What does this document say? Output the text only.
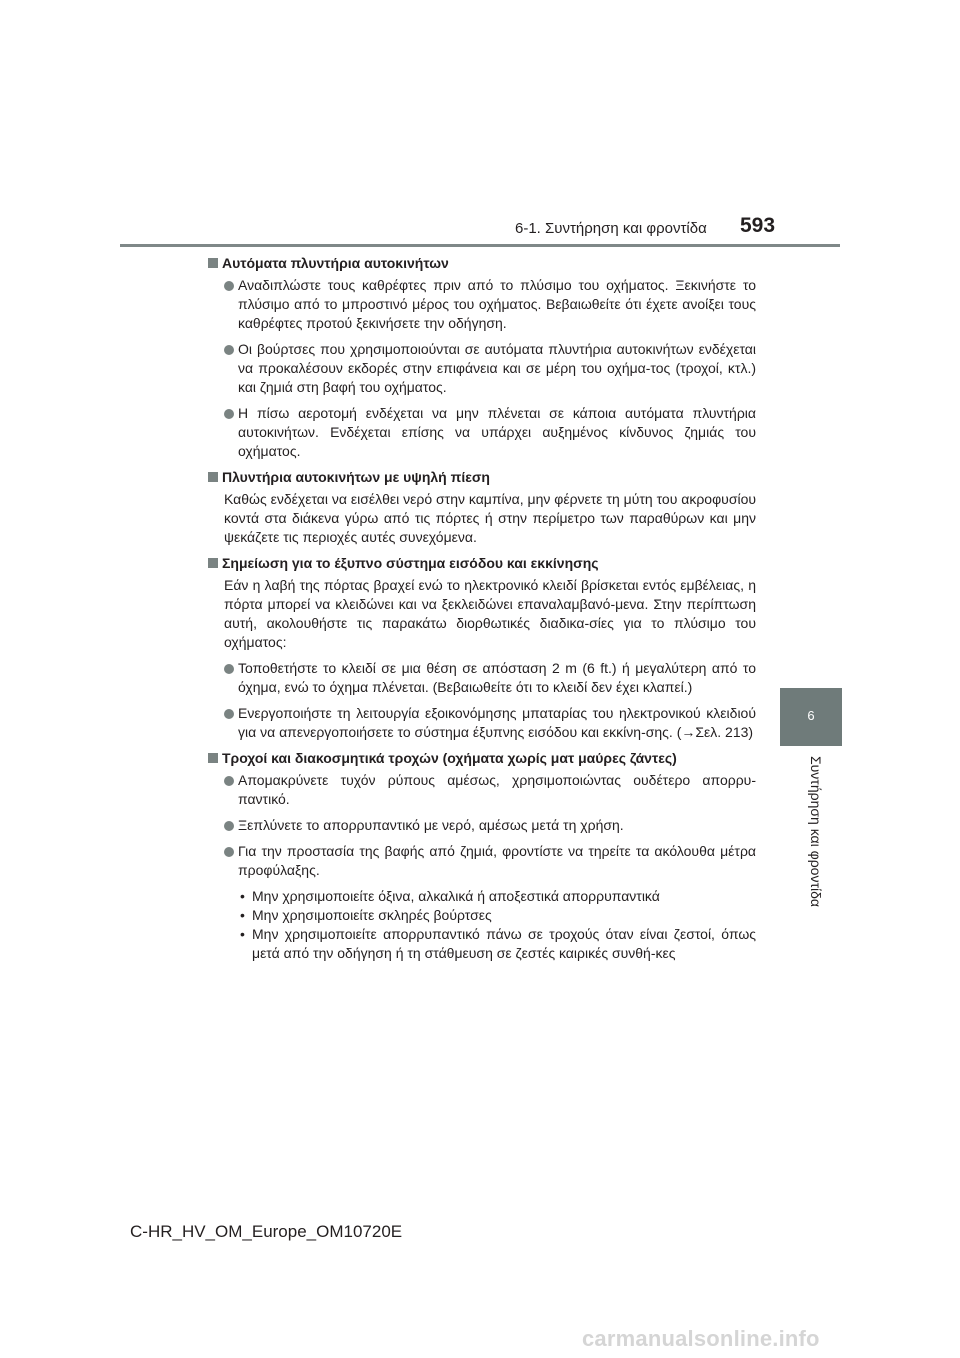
6-1. Συντήρηση και φροντίδα 593
6
Συντήρηση και φροντίδα
Αυτόματα πλυντήρια αυτοκινήτων
Αναδιπλώστε τους καθρέφτες πριν από το πλύσιμο του οχήματος. Ξεκινήστε το πλύσιμο από το μπροστινό μέρος του οχήματος. Βεβαιωθείτε ότι έχετε ανοίξει τους καθρέφτες προτού ξεκινήσετε την οδήγηση.
Οι βούρτσες που χρησιμοποιούνται σε αυτόματα πλυντήρια αυτοκινήτων ενδέχεται να προκαλέσουν εκδορές στην επιφάνεια και σε μέρη του οχήμα-τος (τροχοί, κτλ.) και ζημιά στη βαφή του οχήματος.
Η πίσω αεροτομή ενδέχεται να μην πλένεται σε κάποια αυτόματα πλυντήρια αυτοκινήτων. Ενδέχεται επίσης να υπάρχει αυξημένος κίνδυνος ζημιάς του οχήματος.
Πλυντήρια αυτοκινήτων με υψηλή πίεση
Καθώς ενδέχεται να εισέλθει νερό στην καμπίνα, μην φέρνετε τη μύτη του ακροφυσίου κοντά στα διάκενα γύρω από τις πόρτες ή στην περίμετρο των παραθύρων και μην ψεκάζετε τις περιοχές αυτές συνεχόμενα.
Σημείωση για το έξυπνο σύστημα εισόδου και εκκίνησης
Εάν η λαβή της πόρτας βραχεί ενώ το ηλεκτρονικό κλειδί βρίσκεται εντός εμβέλειας, η πόρτα μπορεί να κλειδώνει και να ξεκλειδώνει επαναλαμβανό-μενα. Στην περίπτωση αυτή, ακολουθήστε τις παρακάτω διορθωτικές διαδικα-σίες για το πλύσιμο του οχήματος:
Τοποθετήστε το κλειδί σε μια θέση σε απόσταση 2 m (6 ft.) ή μεγαλύτερη από το όχημα, ενώ το όχημα πλένεται. (Βεβαιωθείτε ότι το κλειδί δεν έχει κλαπεί.)
Ενεργοποιήστε τη λειτουργία εξοικονόμησης μπαταρίας του ηλεκτρονικού κλειδιού για να απενεργοποιήσετε το σύστημα έξυπνης εισόδου και εκκίνη-σης. (→Σελ. 213)
Τροχοί και διακοσμητικά τροχών (οχήματα χωρίς ματ μαύρες ζάντες)
Απομακρύνετε τυχόν ρύπους αμέσως, χρησιμοποιώντας ουδέτερο απορρυ-παντικό.
Ξεπλύνετε το απορρυπαντικό με νερό, αμέσως μετά τη χρήση.
Για την προστασία της βαφής από ζημιά, φροντίστε να τηρείτε τα ακόλουθα μέτρα προφύλαξης.
• Μην χρησιμοποιείτε όξινα, αλκαλικά ή αποξεστικά απορρυπαντικά
• Μην χρησιμοποιείτε σκληρές βούρτσες
• Μην χρησιμοποιείτε απορρυπαντικό πάνω σε τροχούς όταν είναι ζεστοί, όπως μετά από την οδήγηση ή τη στάθμευση σε ζεστές καιρικές συνθή-κες
C-HR_HV_OM_Europe_OM10720E
carmanualsonline.info
